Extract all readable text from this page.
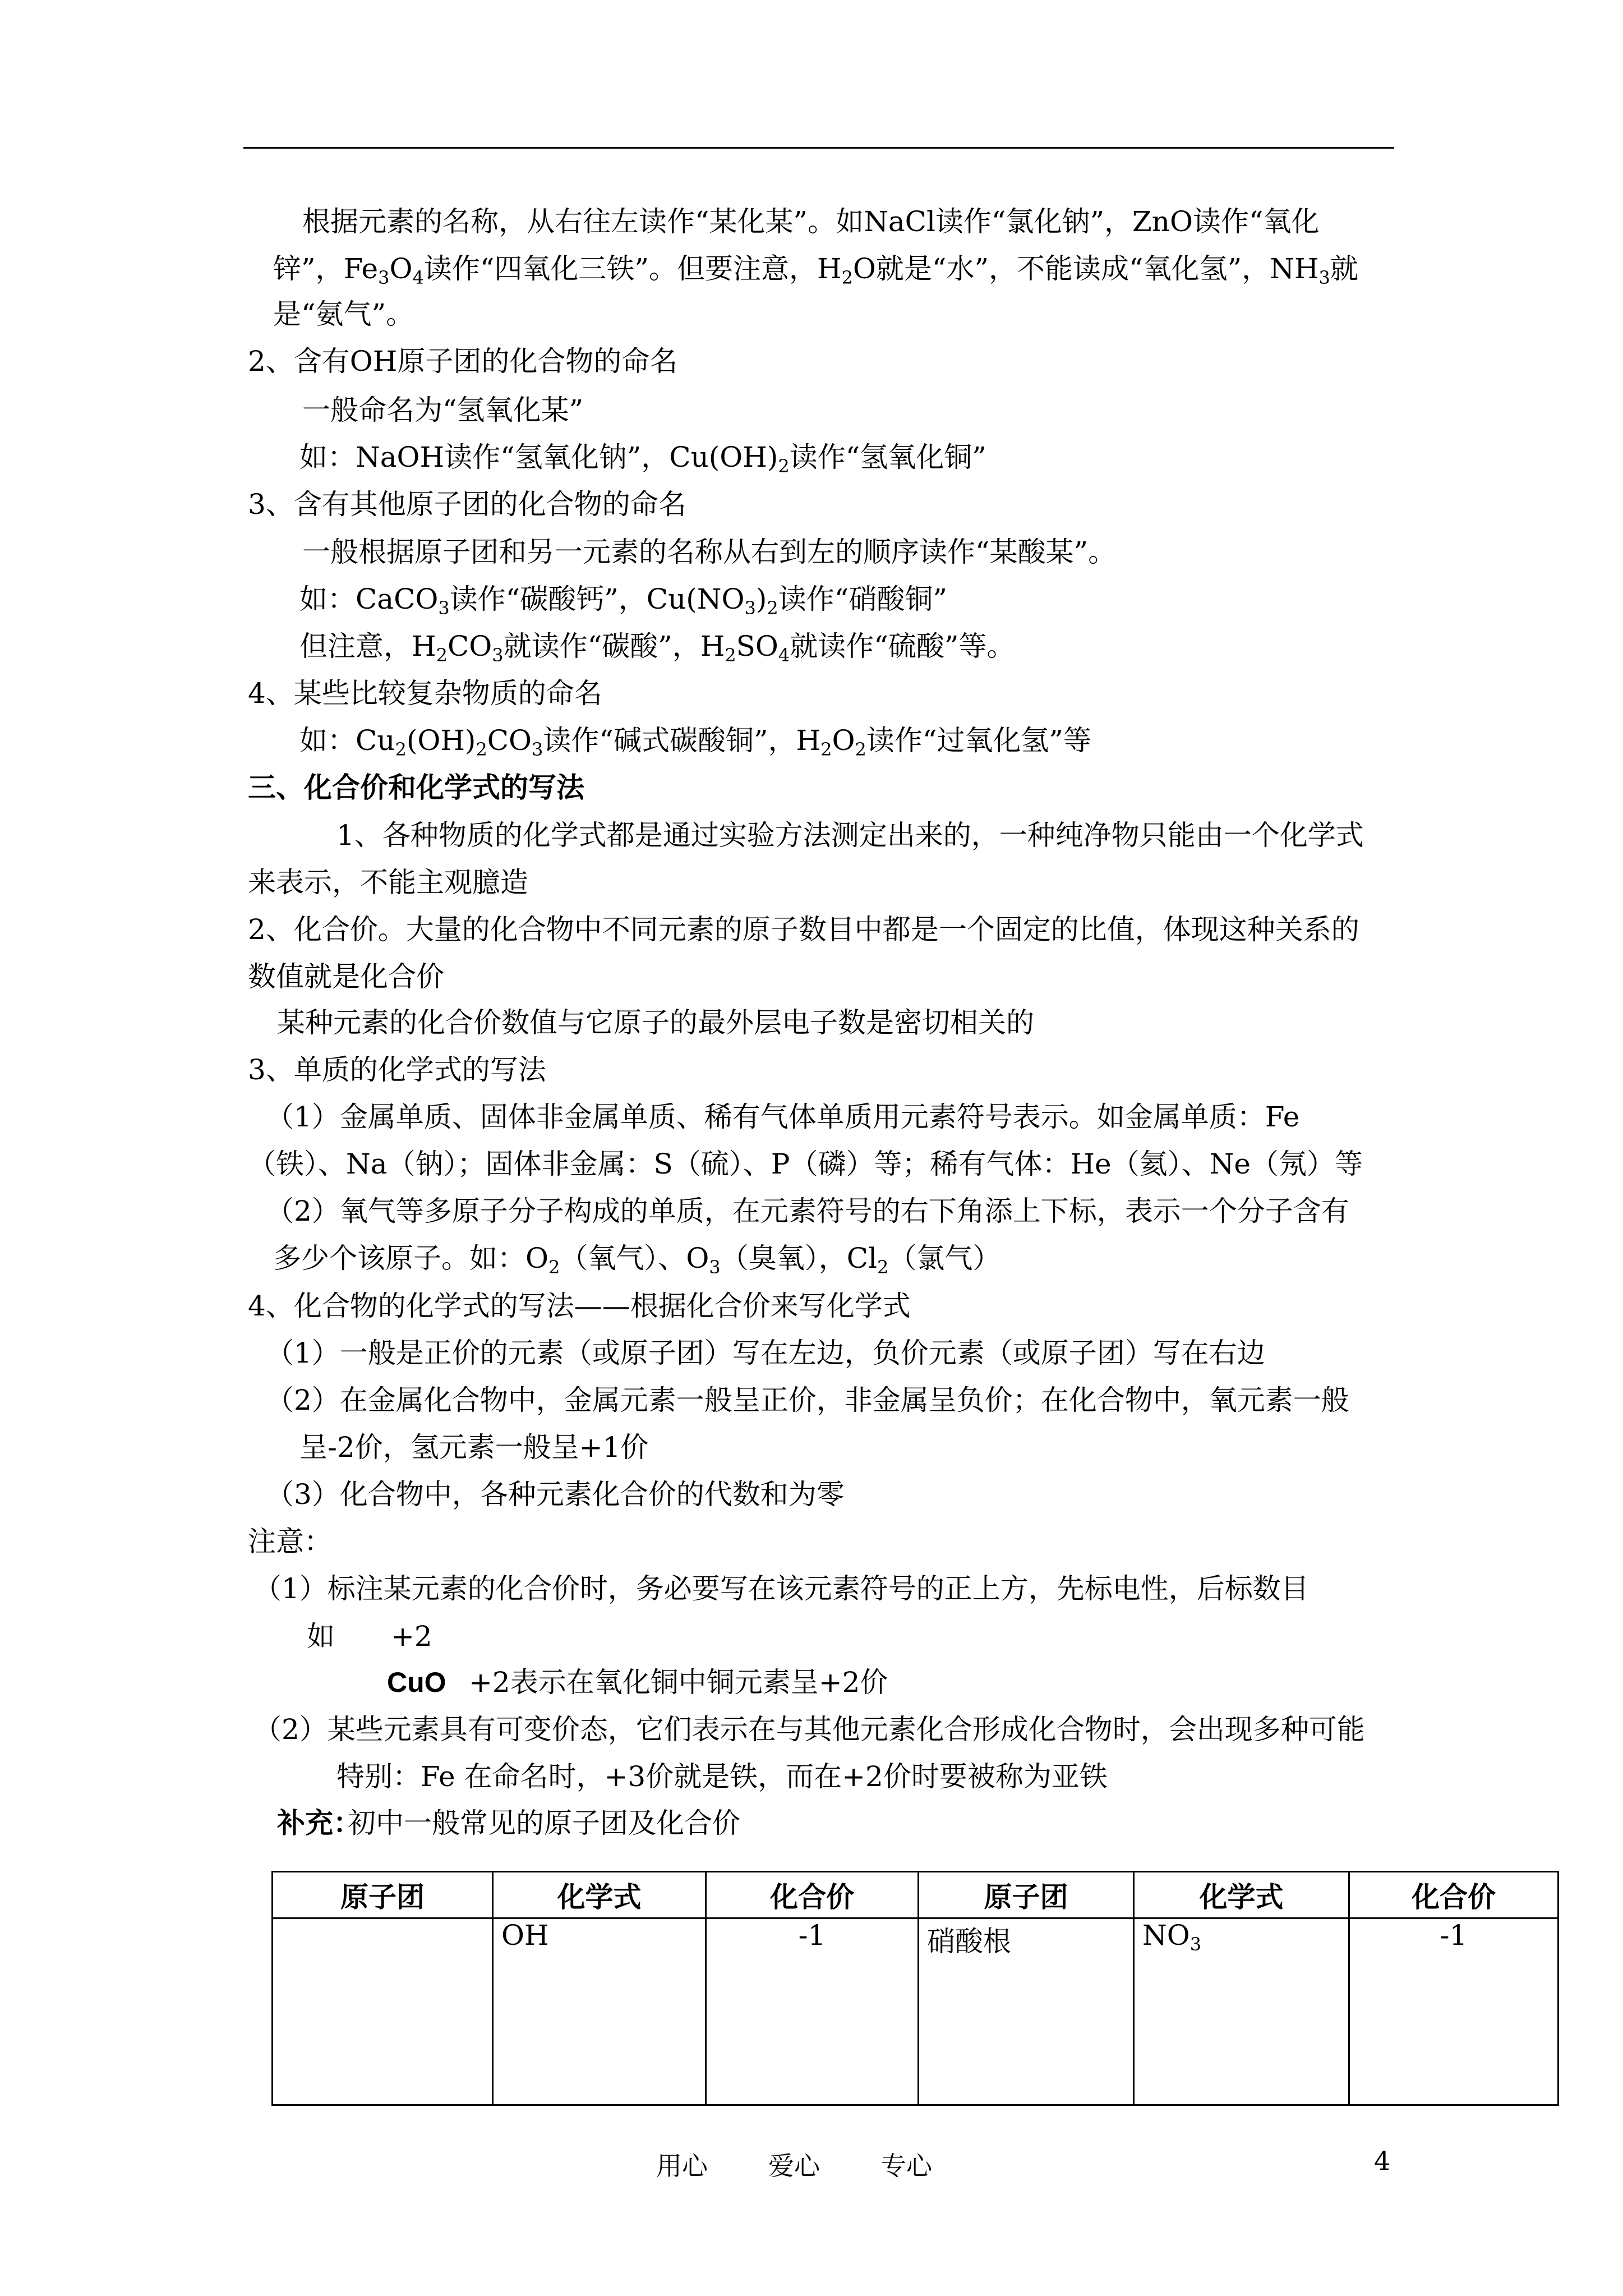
根据元素的名称，从右往左读作“某化某”。如NaCl读作“氯化钠”，ZnO读作“氧化
锌”，$Fe_3O_4$读作“四氧化三铁”。但要注意，$H_2O$就是“水”，不能读成“氧化氢”，$NH_3$就
是“氨气”。
2、含有OH原子团的化合物的命名
一般命名为“氢氧化某”
如：NaOH读作“氢氧化钠”，$Cu(OH)_2$读作“氢氧化铜”
3、含有其他原子团的化合物的命名
一般根据原子团和另一元素的名称从右到左的顺序读作“某酸某”。
如：CaCO$_3$读作“碳酸钙”，$Cu(NO_3)_2$读作“硝酸铜”
但注意，$H_2CO_3$就读作“碳酸”，$H_2SO_4$就读作“硫酸”等。
4、某些比较复杂物质的命名
如：$Cu_2(OH)_2CO_3$读作“碱式碳酸铜”，$H_2O_2$读作“过氧化氢”等
三、化合价和化学式的写法
1、各种物质的化学式都是通过实验方法测定出来的，一种纯净物只能由一个化学式
来表示，不能主观臆造
2、化合价。大量的化合物中不同元素的原子数目中都是一个固定的比值，体现这种关系的
数值就是化合价
某种元素的化合价数值与它原子的最外层电子数是密切相关的
3、单质的化学式的写法
（1）金属单质、固体非金属单质、稀有气体单质用元素符号表示。如金属单质：Fe
（铁）、Na（钠）；固体非金属：S（硫）、P（磷）等；稀有气体：He（氦）、Ne（氖）等
（2）氧气等多原子分子构成的单质，在元素符号的右下角添上下标，表示一个分子含有
多少个该原子。如：$O_2$（氧气）、$O_3$（臭氧），$Cl_2$（氯气）
4、化合物的化学式的写法——根据化合价来写化学式
（1）一般是正价的元素（或原子团）写在左边，负价元素（或原子团）写在右边
（2）在金属化合物中，金属元素一般呈正价，非金属呈负价；在化合物中，氧元素一般
呈-2价，氢元素一般呈+1价
（3）化合物中，各种元素化合价的代数和为零
注意：
（1）标注某元素的化合价时，务必要写在该元素符号的正上方，先标电性，后标数目
如 +2
CuO +2表示在氧化铜中铜元素呈+2价
（2）某些元素具有可变价态，它们表示在与其他元素化合形成化合物时，会出现多种可能
特别：Fe 在命名时，+3价就是铁，而在+2价时要被称为亚铁
补充：
初中一般常见的原子团及化合价
原子团	化学式	化合价	原子团	化学式	化合价
	OH	-1	硝酸根	$NO_3$	-1
用心 爱心 专心	4
